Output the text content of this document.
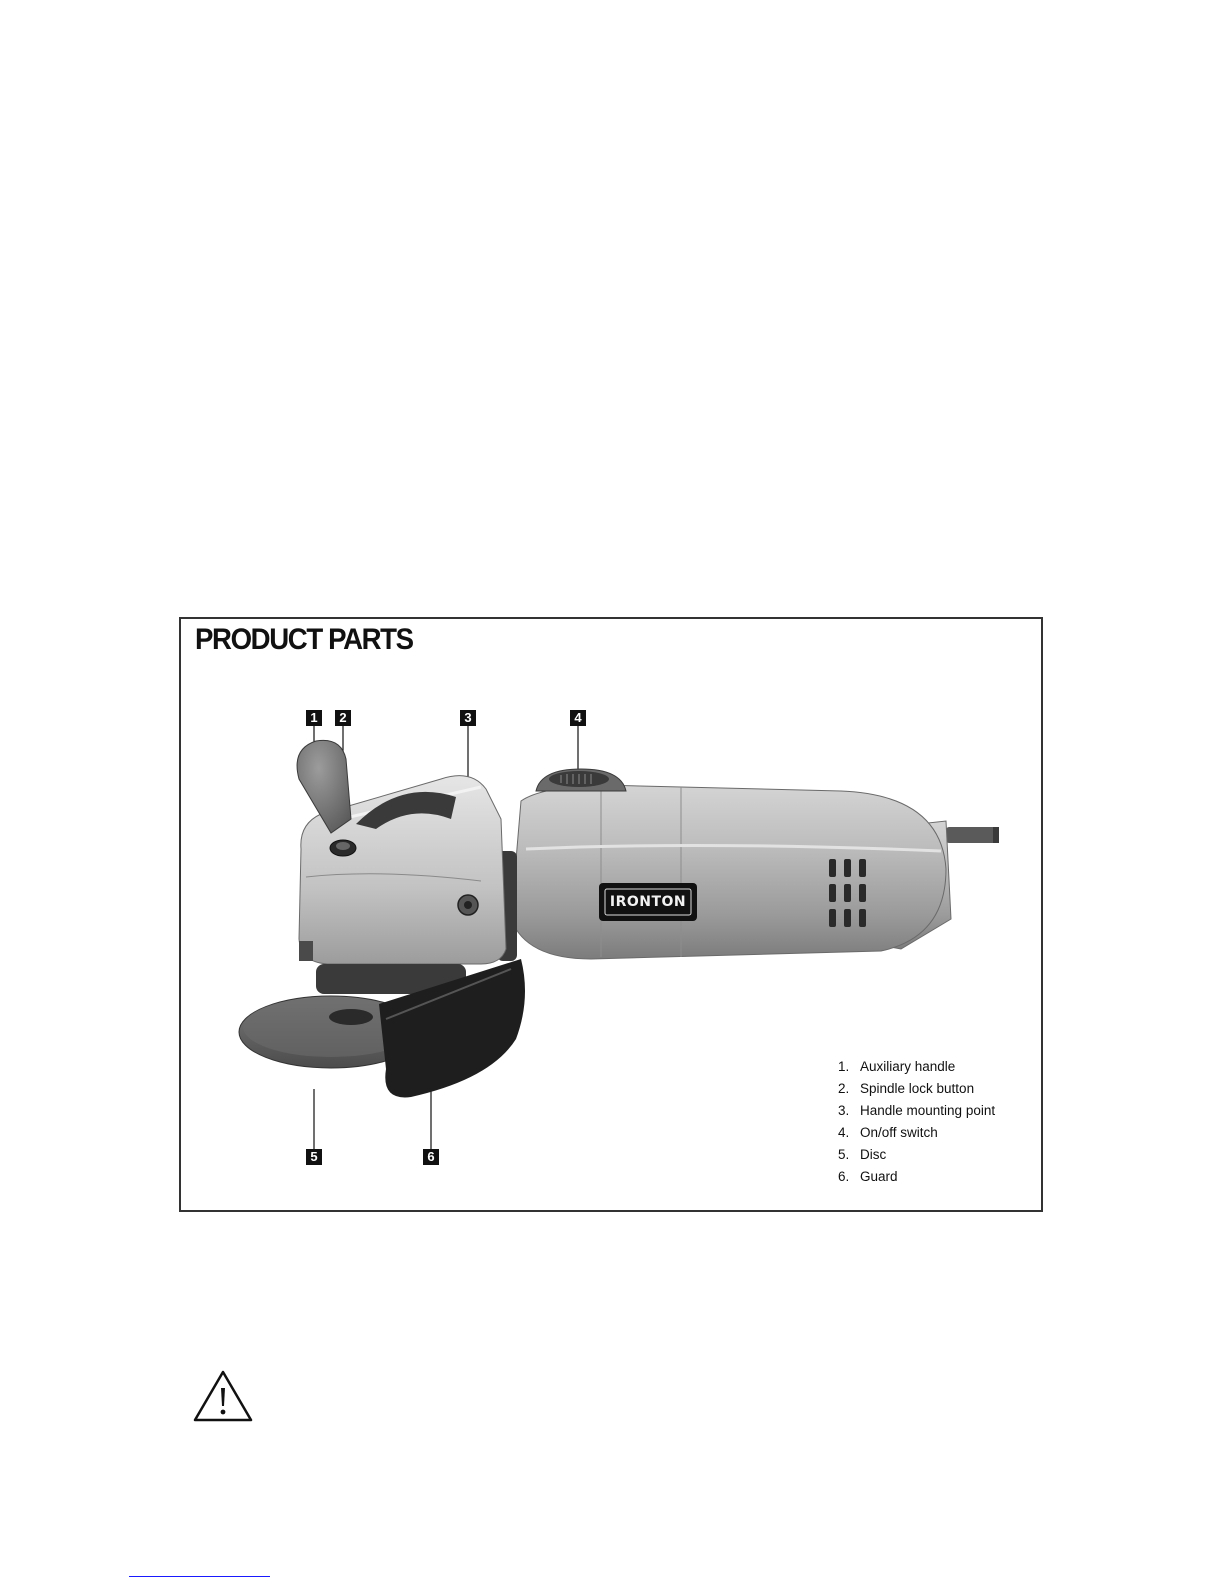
PRODUCT PARTS
1	2	3	4
5	6
IRONTON
1. Auxiliary handle
2. Spindle lock button
3. Handle mounting point
4. On/off switch
5. Disc
6. Guard
